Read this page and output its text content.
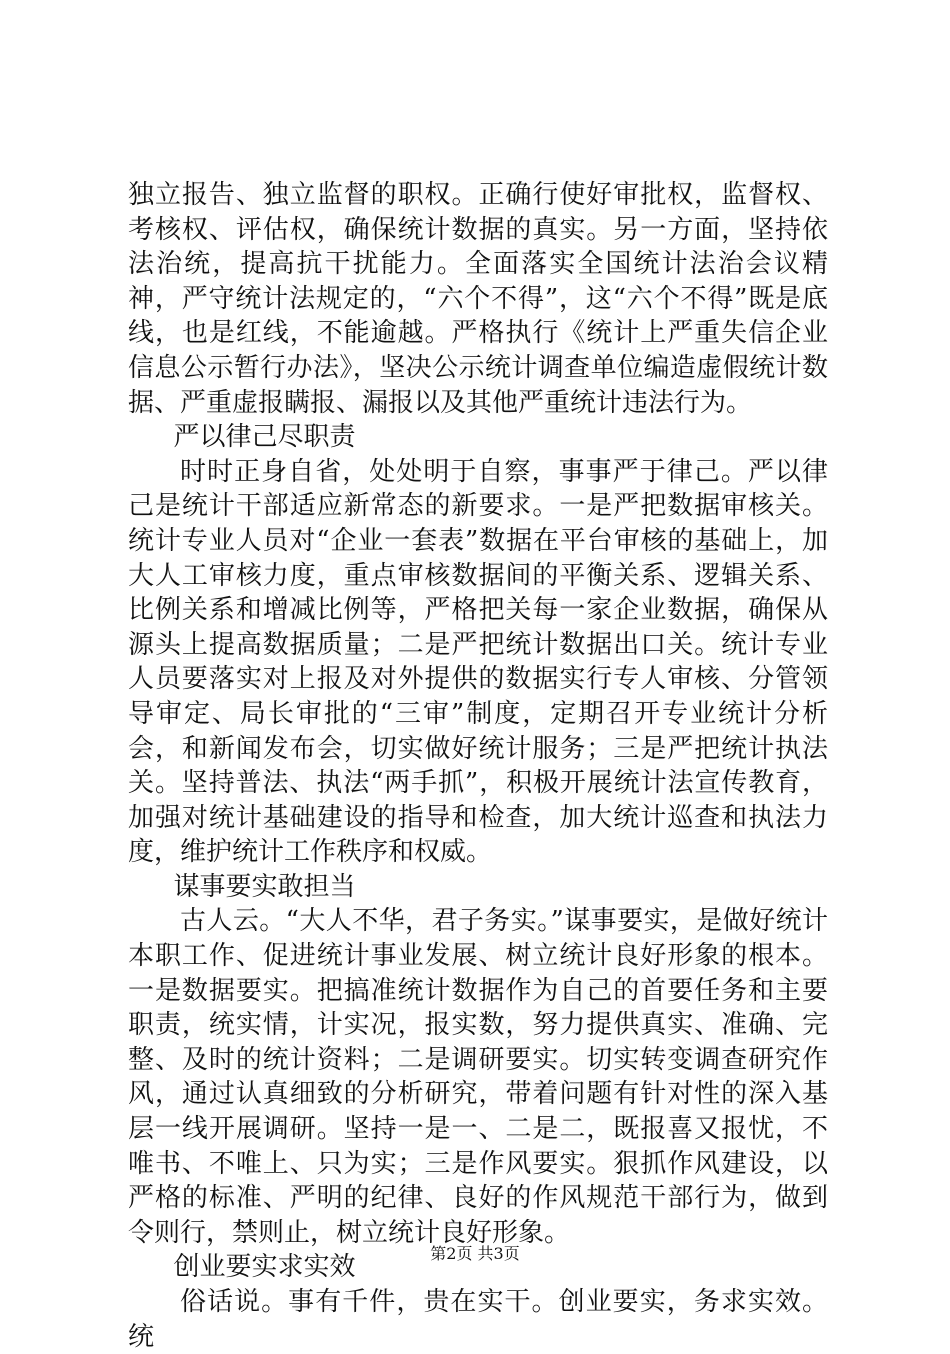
独立报告、独立监督的职权。正确行使好审批权，监督权、考核权、评估权，确保统计数据的真实。另一方面，坚持依法治统，提高抗干扰能力。全面落实全国统计法治会议精神，严守统计法规定的，“六个不得”，这“六个不得”既是底线，也是红线，不能逾越。严格执行《统计上严重失信企业信息公示暂行办法》，坚决公示统计调查单位编造虚假统计数据、严重虚报瞒报、漏报以及其他严重统计违法行为。

严以律己尽职责

时时正身自省，处处明于自察，事事严于律己。严以律己是统计干部适应新常态的新要求。一是严把数据审核关。统计专业人员对“企业一套表”数据在平台审核的基础上，加大人工审核力度，重点审核数据间的平衡关系、逻辑关系、比例关系和增减比例等，严格把关每一家企业数据，确保从源头上提高数据质量；二是严把统计数据出口关。统计专业人员要落实对上报及对外提供的数据实行专人审核、分管领导审定、局长审批的“三审”制度，定期召开专业统计分析会，和新闻发布会，切实做好统计服务；三是严把统计执法关。坚持普法、执法“两手抓”，积极开展统计法宣传教育，加强对统计基础建设的指导和检查，加大统计巡查和执法力度，维护统计工作秩序和权威。

谋事要实敢担当

古人云。“大人不华，君子务实。”谋事要实，是做好统计本职工作、促进统计事业发展、树立统计良好形象的根本。一是数据要实。把搞准统计数据作为自己的首要任务和主要职责，统实情，计实况，报实数，努力提供真实、准确、完整、及时的统计资料；二是调研要实。切实转变调查研究作风，通过认真细致的分析研究，带着问题有针对性的深入基层一线开展调研。坚持一是一、二是二，既报喜又报忧，不唯书、不唯上、只为实；三是作风要实。狠抓作风建设，以严格的标准、严明的纪律、良好的作风规范干部行为，做到令则行，禁则止，树立统计良好形象。

创业要实求实效

俗话说。事有千件，贵在实干。创业要实，务求实效。统

第2页 共3页
